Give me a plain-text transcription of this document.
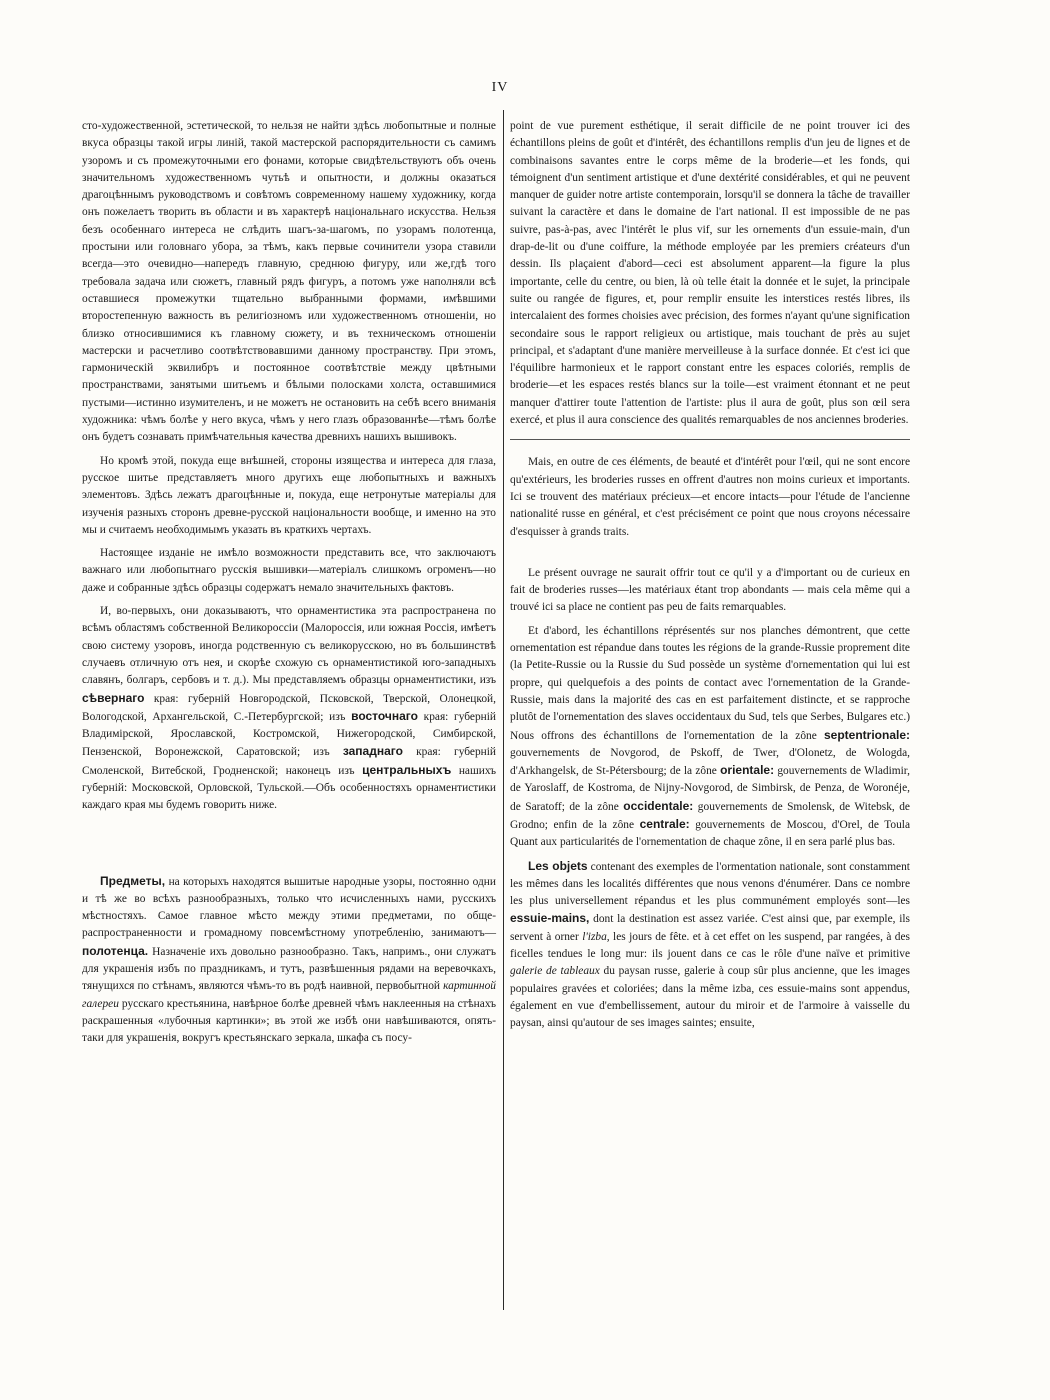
IV

сто-художественной, эстетической, то нельзя не найти здѣсь любопытные и полные вкуса образцы такой игры линій, такой мастерской распорядительности съ самимъ узоромъ и съ промежуточными его фонами, которые свидѣтельствуютъ объ очень значительномъ художественномъ чутьѣ и опытности, и должны оказаться драгоцѣннымъ руководствомъ и совѣтомъ современному нашему художнику, когда онъ пожелаетъ творить въ области и въ характерѣ національнаго искусства. Нельзя безъ особеннаго интереса не слѣдить шагъ-за-шагомъ, по узорамъ полотенца, простыни или головнаго убора, за тѣмъ, какъ первые сочинители узора ставили всегда—это очевидно—напередъ главную, среднюю фигуру, или же,гдѣ того требовала задача или сюжетъ, главный рядъ фигуръ, а потомъ уже наполняли всѣ оставшиеся промежутки тщательно выбранными формами, имѣвшими второстепенную важность въ религіозномъ или художественномъ отношеніи, но близко относившимися къ главному сюжету, и въ техническомъ отношеніи мастерски и расчетливо соотвѣтствовавшими данному пространству. При этомъ, гармоническій эквилибръ и постоянное соотвѣтствіе между цвѣтными пространствами, занятыми шитьемъ и бѣлыми полосками холста, оставшимися пустыми—истинно изумителенъ, и не можетъ не остановить на себѣ всего вниманія художника: чѣмъ болѣе у него вкуса, чѣмъ у него глазъ образованнѣе—тѣмъ болѣе онъ будетъ сознавать примѣчательныя качества древнихъ нашихъ вышивокъ.

Но кромѣ этой, покуда еще внѣшней, стороны изящества и интереса для глаза, русское шитье представляетъ много другихъ еще любопытныхъ и важныхъ элементовъ. Здѣсь лежатъ драгоцѣнные и, покуда, еще нетронутые матеріалы для изученія разныхъ сторонъ древне-русской національности вообще, и именно на это мы и считаемъ необходимымъ указать въ краткихъ чертахъ.

Настоящее изданіе не имѣло возможности представить все, что заключаютъ важнаго или любопытнаго русскія вышивки—матеріалъ слишкомъ огроменъ—но даже и собранные здѣсь образцы содержатъ немало значительныхъ фактовъ.

И, во-первыхъ, они доказываютъ, что орнаментистика эта распространена по всѣмъ областямъ собственной Великороссіи (Малороссія, или южная Россія, имѣетъ свою систему узоровъ, иногда родственную съ великорусскою, но въ большинствѣ случаевъ отличную отъ нея, и скорѣе схожую съ орнаментистикой юго-западныхъ славянъ, болгаръ, сербовъ и т. д.). Мы представляемъ образцы орнаментистики, изъ сѣвернаго края: губерній Новгородской, Псковской, Тверской, Олонецкой, Вологодской, Архангельской, С.-Петербургской; изъ восточнаго края: губерній Владимірской, Ярославской, Костромской, Нижегородской, Симбирской, Пензенской, Воронежской, Саратовской; изъ западнаго края: губерній Смоленской, Витебской, Гродненской; наконецъ изъ центральныхъ нашихъ губерній: Московской, Орловской, Тульской.—Объ особенностяхъ орнаментистики каждаго края мы будемъ говорить ниже.

Предметы, на которыхъ находятся вышитые народные узоры, постоянно одни и тѣ же во всѣхъ разнообразныхъ, только что исчисленныхъ нами, русскихъ мѣстностяхъ. Самое главное мѣсто между этими предметами, по обще-распространенности и громадному повсемѣстному употребленію, занимаютъ— полотенца. Назначеніе ихъ довольно разнообразно. Такъ, напримъ., они служатъ для украшенія избъ по праздникамъ, и тутъ, развѣшенныя рядами на веревочкахъ, тянущихся по стѣнамъ, являются чѣмъ-то въ родѣ наивной, первобытной картинной галереи русскаго крестьянина, навѣрное болѣе древней чѣмъ наклеенныя на стѣнахъ раскрашенныя «лубочныя картинки»; въ этой же избѣ они навѣшиваются, опять-таки для украшенія, вокругъ крестьянскаго зеркала, шкафа съ посу-

point de vue purement esthétique, il serait difficile de ne point trouver ici des échantillons pleins de goût et d'intérêt, des échantillons remplis d'un jeu de lignes et de combinaisons savantes entre le corps même de la broderie—et les fonds, qui témoignent d'un sentiment artistique et d'une dextérité considérables, et qui ne peuvent manquer de guider notre artiste contemporain, lorsqu'il se donnera la tâche de travailler suivant la caractère et dans le domaine de l'art national. Il est impossible de ne pas suivre, pas-à-pas, avec l'intérêt le plus vif, sur les ornements d'un essuie-main, d'un drap-de-lit ou d'une coiffure, la méthode employée par les premiers créateurs d'un dessin. Ils plaçaient d'abord—ceci est absolument apparent—la figure la plus importante, celle du centre, ou bien, là où telle était la donnée et le sujet, la principale suite ou rangée de figures, et, pour remplir ensuite les interstices restés libres, ils intercalaient des formes choisies avec précision, des formes n'ayant qu'une signification secondaire sous le rapport religieux ou artistique, mais touchant de près au sujet principal, et s'adaptant d'une manière merveilleuse à la surface donnée. Et c'est ici que l'équilibre harmonieux et le rapport constant entre les espaces coloriés, remplis de broderie—et les espaces restés blancs sur la toile—est vraiment étonnant et ne peut manquer d'attirer toute l'attention de l'artiste: plus il aura de goût, plus son œil sera exercé, et plus il aura conscience des qualités remarquables de nos anciennes broderies.

Mais, en outre de ces éléments, de beauté et d'intérêt pour l'œil, qui ne sont encore qu'extérieurs, les broderies russes en offrent d'autres non moins curieux et importants. Ici se trouvent des matériaux précieux—et encore intacts—pour l'étude de l'ancienne nationalité russe en général, et c'est précisément ce point que nous croyons nécessaire d'esquisser à grands traits.

Le présent ouvrage ne saurait offrir tout ce qu'il y a d'important ou de curieux en fait de broderies russes—les matériaux étant trop abondants — mais cela même qui a trouvé ici sa place ne contient pas peu de faits remarquables.

Et d'abord, les échantillons réprésentés sur nos planches démontrent, que cette ornementation est répandue dans toutes les régions de la grande-Russie proprement dite (la Petite-Russie ou la Russie du Sud possède un système d'ornementation qui lui est propre, qui quelquefois a des points de contact avec l'ornementation de la Grande-Russie, mais dans la majorité des cas en est parfaitement distincte, et se rapproche plutôt de l'ornementation des slaves occidentaux du Sud, tels que Serbes, Bulgares etc.) Nous offrons des échantillons de l'ornementation de la zône septentrionale: gouvernements de Novgorod, de Pskoff, de Twer, d'Olonetz, de Wologda, d'Arkhangelsk, de St-Pétersbourg; de la zône orientale: gouvernements de Wladimir, de Yaroslaff, de Kostroma, de Nijny-Novgorod, de Simbirsk, de Penza, de Woronéje, de Saratoff; de la zône occidentale: gouvernements de Smolensk, de Witebsk, de Grodno; enfin de la zône centrale: gouvernements de Moscou, d'Orel, de Toula Quant aux particularités de l'ornementation de chaque zône, il en sera parlé plus bas.

Les objets contenant des exemples de l'ormentation nationale, sont constamment les mêmes dans les localités différentes que nous venons d'énumérer. Dans ce nombre les plus universellement répandus et les plus communément employés sont—les essuie-mains, dont la destination est assez variée. C'est ainsi que, par exemple, ils servent à orner l'izba, les jours de fête. et à cet effet on les suspend, par rangées, à des ficelles tendues le long mur: ils jouent dans ce cas le rôle d'une naïve et primitive galerie de tableaux du paysan russe, galerie à coup sûr plus ancienne, que les images populaires gravées et coloriées; dans la même izba, ces essuie-mains sont appendus, également en vue d'embellissement, autour du miroir et de l'armoire à vaisselle du paysan, ainsi qu'autour de ses images saintes; ensuite,
